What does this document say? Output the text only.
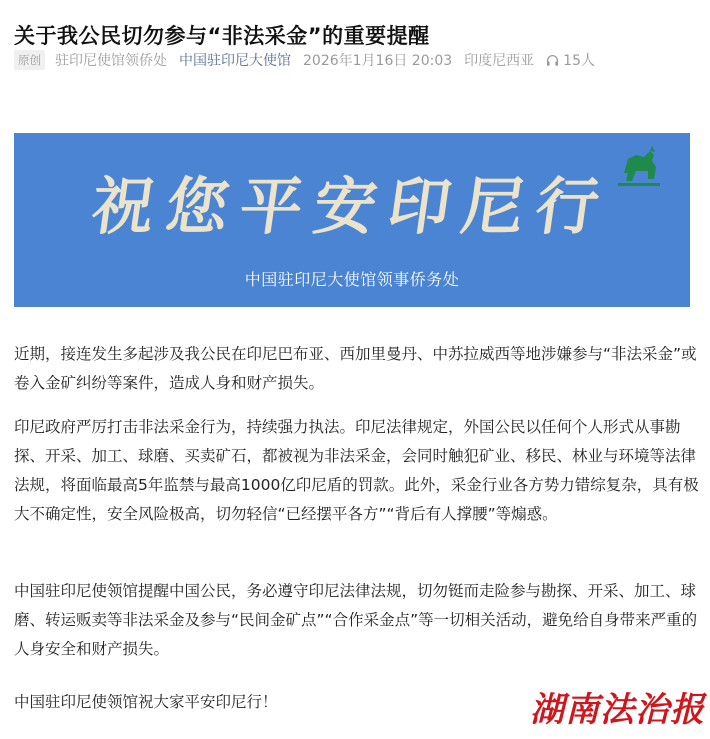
关于我公民切勿参与“非法采金”的重要提醒
原创 驻印尼使馆领侨处 中国驻印尼大使馆 2026年1月16日 20:03 印度尼西亚 15人
祝您平安印尼行
中国驻印尼大使馆领事侨务处

近期，接连发生多起涉及我公民在印尼巴布亚、西加里曼丹、中苏拉威西等地涉嫌参与“非法采金”或卷入金矿纠纷等案件，造成人身和财产损失。

印尼政府严厉打击非法采金行为，持续强力执法。印尼法律规定，外国公民以任何个人形式从事勘探、开采、加工、球磨、买卖矿石，都被视为非法采金，会同时触犯矿业、移民、林业与环境等法律法规，将面临最高5年监禁与最高1000亿印尼盾的罚款。此外，采金行业各方势力错综复杂，具有极大不确定性，安全风险极高，切勿轻信“已经摆平各方”“背后有人撑腰”等煽惑。

中国驻印尼使领馆提醒中国公民，务必遵守印尼法律法规，切勿铤而走险参与勘探、开采、加工、球磨、转运贩卖等非法采金及参与“民间金矿点”“合作采金点”等一切相关活动，避免给自身带来严重的人身安全和财产损失。

中国驻印尼使领馆祝大家平安印尼行！	湖南法治报
